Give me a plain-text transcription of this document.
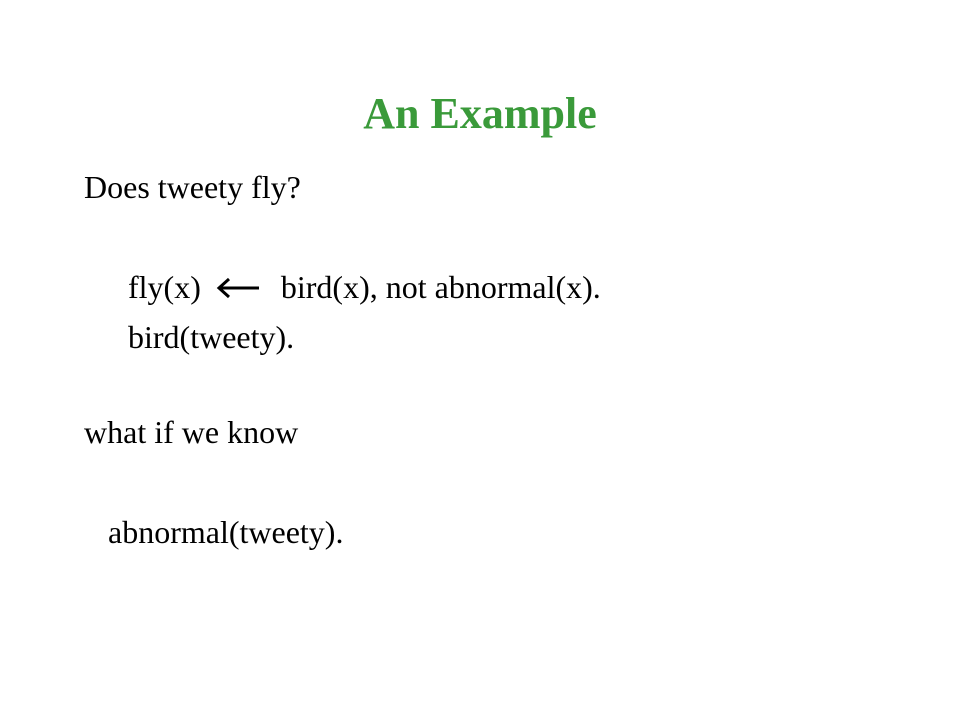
An Example
Does tweety fly?
fly(x)	bird(x), not abnormal(x).
bird(tweety).
what if we know
abnormal(tweety).
